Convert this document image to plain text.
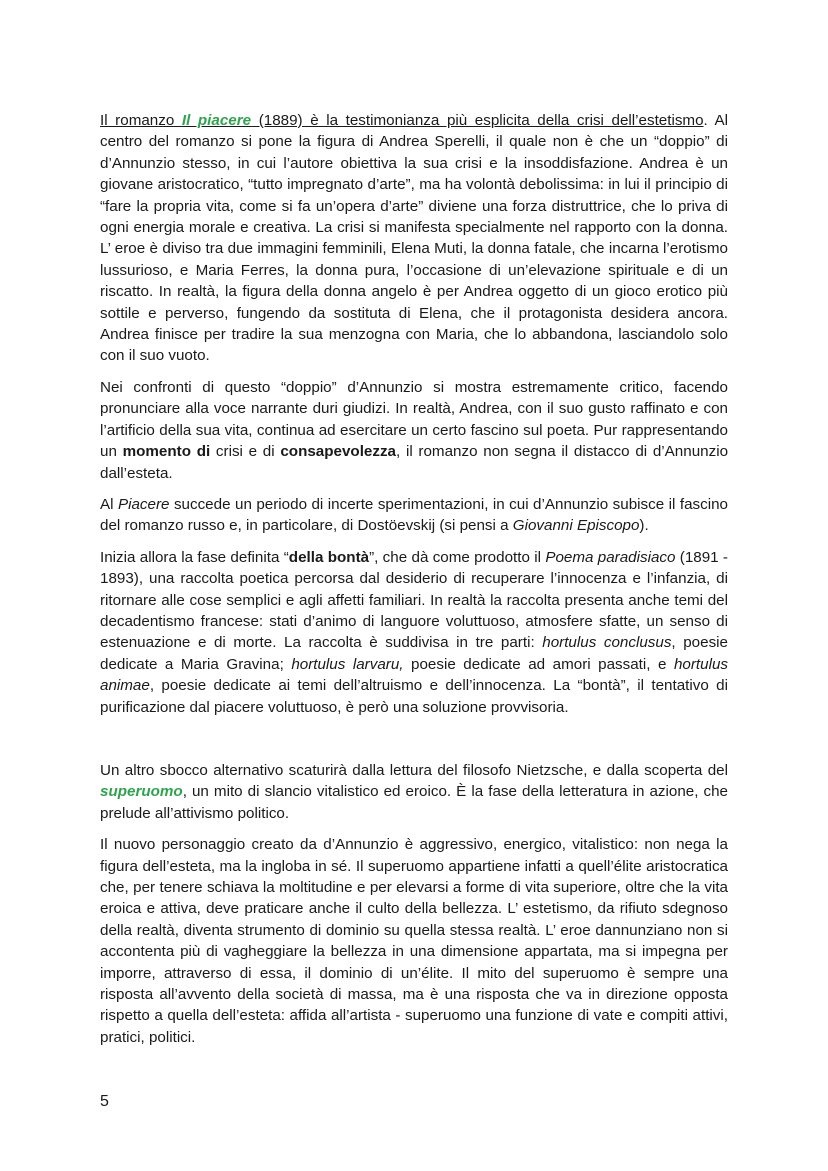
Il romanzo Il piacere (1889) è la testimonianza più esplicita della crisi dell’estetismo. Al centro del romanzo si pone la figura di Andrea Sperelli, il quale non è che un “doppio” di d’Annunzio stesso, in cui l’autore obiettiva la sua crisi e la insoddisfazione. Andrea è un giovane aristocratico, “tutto impregnato d’arte”, ma ha volontà debolissima: in lui il principio di “fare la propria vita, come si fa un’opera d’arte” diviene una forza distruttrice, che lo priva di ogni energia morale e creativa. La crisi si manifesta specialmente nel rapporto con la donna. L’ eroe è diviso tra due immagini femminili, Elena Muti, la donna fatale, che incarna l’erotismo lussurioso, e Maria Ferres, la donna pura, l’occasione di un’elevazione spirituale e di un riscatto. In realtà, la figura della donna angelo è per Andrea oggetto di un gioco erotico più sottile e perverso, fungendo da sostituta di Elena, che il protagonista desidera ancora. Andrea finisce per tradire la sua menzogna con Maria, che lo abbandona, lasciandolo solo con il suo vuoto.

Nei confronti di questo “doppio” d’Annunzio si mostra estremamente critico, facendo pronunciare alla voce narrante duri giudizi. In realtà, Andrea, con il suo gusto raffinato e con l’artificio della sua vita, continua ad esercitare un certo fascino sul poeta. Pur rappresentando un momento di crisi e di consapevolezza, il romanzo non segna il distacco di d’Annunzio dall’esteta.

Al Piacere succede un periodo di incerte sperimentazioni, in cui d’Annunzio subisce il fascino del romanzo russo e, in particolare, di Dostöevskij (si pensi a Giovanni Episcopo).

Inizia allora la fase definita “della bontà”, che dà come prodotto il Poema paradisiaco (1891 - 1893), una raccolta poetica percorsa dal desiderio di recuperare l’innocenza e l’infanzia, di ritornare alle cose semplici e agli affetti familiari. In realtà la raccolta presenta anche temi del decadentismo francese: stati d’animo di languore voluttuoso, atmosfere sfatte, un senso di estenuazione e di morte. La raccolta è suddivisa in tre parti: hortulus conclusus, poesie dedicate a Maria Gravina; hortulus larvaru, poesie dedicate ad amori passati, e hortulus animae, poesie dedicate ai temi dell’altruismo e dell’innocenza. La “bontà”, il tentativo di purificazione dal piacere voluttuoso, è però una soluzione provvisoria.

Un altro sbocco alternativo scaturirà dalla lettura del filosofo Nietzsche, e dalla scoperta del superuomo, un mito di slancio vitalistico ed eroico. È la fase della letteratura in azione, che prelude all’attivismo politico.

Il nuovo personaggio creato da d’Annunzio è aggressivo, energico, vitalistico: non nega la figura dell’esteta, ma la ingloba in sé. Il superuomo appartiene infatti a quell’élite aristocratica che, per tenere schiava la moltitudine e per elevarsi a forme di vita superiore, oltre che la vita eroica e attiva, deve praticare anche il culto della bellezza. L’ estetismo, da rifiuto sdegnoso della realtà, diventa strumento di dominio su quella stessa realtà. L’ eroe dannunziano non si accontenta più di vagheggiare la bellezza in una dimensione appartata, ma si impegna per imporre, attraverso di essa, il dominio di un’élite. Il mito del superuomo è sempre una risposta all’avvento della società di massa, ma è una risposta che va in direzione opposta rispetto a quella dell’esteta: affida all’artista - superuomo una funzione di vate e compiti attivi, pratici, politici.

5
